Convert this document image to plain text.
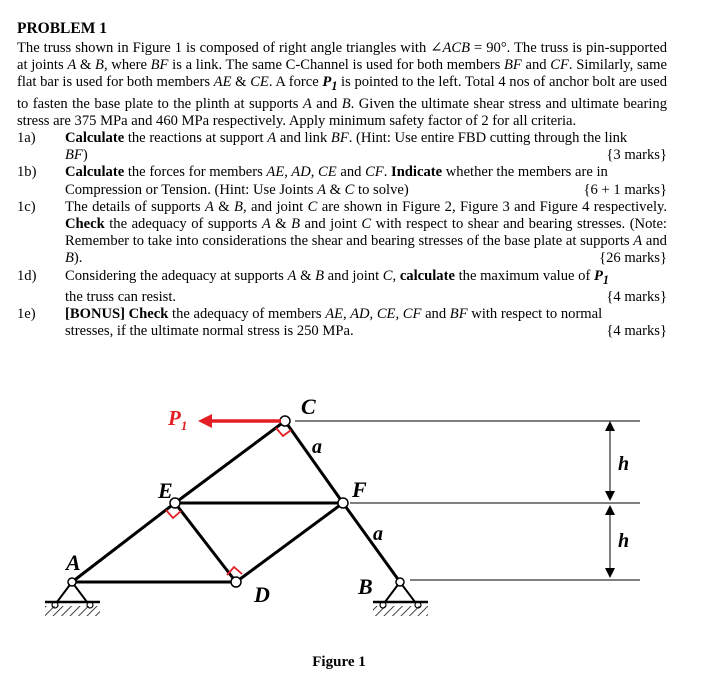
PROBLEM 1

The truss shown in Figure 1 is composed of right angle triangles with ∠ACB = 90°. The truss is pin-supported at joints A & B, where BF is a link. The same C-Channel is used for both members BF and CF. Similarly, same flat bar is used for both members AE & CE. A force $P_1$ is pointed to the left. Total 4 nos of anchor bolt are used to fasten the base plate to the plinth at supports A and B. Given the ultimate shear stress and ultimate bearing stress are 375 MPa and 460 MPa respectively. Apply minimum safety factor of 2 for all criteria.

1a) Calculate the reactions at support A and link BF. (Hint: Use entire FBD cutting through the link
BF)	{3 marks}
1b) Calculate the forces for members AE, AD, CE and CF. Indicate whether the members are in
Compression or Tension. (Hint: Use Joints A & C to solve)	{6 + 1 marks}
1c) The details of supports A & B, and joint C are shown in Figure 2, Figure 3 and Figure 4 respectively. Check the adequacy of supports A & B and joint C with respect to shear and bearing stresses. (Note: Remember to take into considerations the shear and bearing stresses of the base plate at supports A and B).	{26 marks}
1d) Considering the adequacy at supports A & B and joint C, calculate the maximum value of $P_1$
the truss can resist.	{4 marks}
1e) [BONUS] Check the adequacy of members AE, AD, CE, CF and BF with respect to normal
stresses, if the ultimate normal stress is 250 MPa.	{4 marks}
$P_1$
C
E	F
A
D	B
a
a
h
h
Figure 1
